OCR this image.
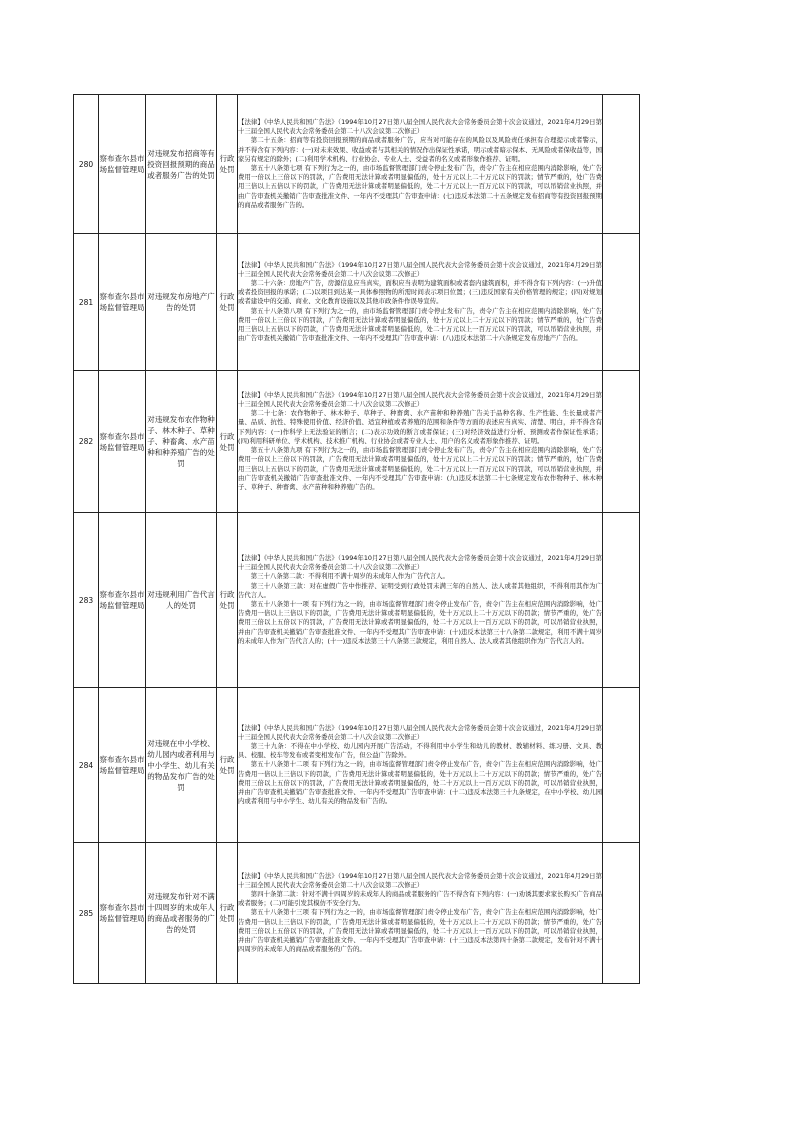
280	察布查尔县市场监督管理局	对违规发布招商等有投资回报预期的商品或者服务广告的处罚	行政处罚	【法律】《中华人民共和国广告法》（1994年10月27日第八届全国人民代表大会常务委员会第十次会议通过，2021年4月29日第十三届全国人民代表大会常务委员会第二十八次会议第二次修正）

第二十五条：招商等有投资回报预期的商品或者服务广告，应当对可能存在的风险以及风险责任承担有合理提示或者警示，并不得含有下列内容：(一)对未来效果、收益或者与其相关的情况作出保证性承诺，明示或者暗示保本、无风险或者保收益等，国家另有规定的除外；(二)利用学术机构、行业协会、专业人士、受益者的名义或者形象作推荐、证明。

第五十八条第七项 有下列行为之一的，由市场监督管理部门责令停止发布广告，责令广告主在相应范围内消除影响，处广告费用一倍以上三倍以下的罚款，广告费用无法计算或者明显偏低的，处十万元以上二十万元以下的罚款；情节严重的，处广告费用三倍以上五倍以下的罚款，广告费用无法计算或者明显偏低的，处二十万元以上一百万元以下的罚款，可以吊销营业执照，并由广告审查机关撤销广告审查批准文件、一年内不受理其广告审查申请：(七)违反本法第二十五条规定发布招商等有投资回报预期的商品或者服务广告的。	

281	察布查尔县市场监督管理局	对违规发布房地产广告的处罚	行政处罚	【法律】《中华人民共和国广告法》（1994年10月27日第八届全国人民代表大会常务委员会第十次会议通过，2021年4月29日第十三届全国人民代表大会常务委员会第二十八次会议第二次修正）

第二十六条：房地产广告，房源信息应当真实，面积应当表明为建筑面积或者套内建筑面积，并不得含有下列内容：(一)升值或者投资回报的承诺；(二)以项目到达某一具体参照物的所需时间表示项目位置；(三)违反国家有关价格管理的规定；(四)对规划或者建设中的交通、商业、文化教育设施以及其他市政条件作误导宣传。

第五十八条第八项 有下列行为之一的，由市场监督管理部门责令停止发布广告，责令广告主在相应范围内消除影响，处广告费用一倍以上三倍以下的罚款，广告费用无法计算或者明显偏低的，处十万元以上二十万元以下的罚款；情节严重的，处广告费用三倍以上五倍以下的罚款，广告费用无法计算或者明显偏低的，处二十万元以上一百万元以下的罚款，可以吊销营业执照，并由广告审查机关撤销广告审查批准文件、一年内不受理其广告审查申请：(八)违反本法第二十六条规定发布房地产广告的。	

282	察布查尔县市场监督管理局	对违规发布农作物种子、林木种子、草种子、种畜禽、水产苗种和种养殖广告的处罚	行政处罚	【法律】《中华人民共和国广告法》（1994年10月27日第八届全国人民代表大会常务委员会第十次会议通过，2021年4月29日第十三届全国人民代表大会常务委员会第二十八次会议第二次修正）

第二十七条：农作物种子、林木种子、草种子、种畜禽、水产苗种和种养殖广告关于品种名称、生产性能、生长量或者产量、品质、抗性、特殊使用价值、经济价值、适宜种植或者养殖的范围和条件等方面的表述应当真实、清楚、明白，并不得含有下列内容：(一)作科学上无法验证的断言；(二)表示功效的断言或者保证；(三)对经济效益进行分析、预测或者作保证性承诺；(四)利用科研单位、学术机构、技术推广机构、行业协会或者专业人士、用户的名义或者形象作推荐、证明。

第五十八条第九项 有下列行为之一的，由市场监督管理部门责令停止发布广告，责令广告主在相应范围内消除影响，处广告费用一倍以上三倍以下的罚款，广告费用无法计算或者明显偏低的，处十万元以上二十万元以下的罚款；情节严重的，处广告费用三倍以上五倍以下的罚款，广告费用无法计算或者明显偏低的，处二十万元以上一百万元以下的罚款，可以吊销营业执照，并由广告审查机关撤销广告审查批准文件、一年内不受理其广告审查申请：(九)违反本法第二十七条规定发布农作物种子、林木种子、草种子、种畜禽、水产苗种和种养殖广告的。	

283	察布查尔县市场监督管理局	对违规利用广告代言人的处罚	行政处罚	【法律】《中华人民共和国广告法》（1994年10月27日第八届全国人民代表大会常务委员会第十次会议通过，2021年4月29日第十三届全国人民代表大会常务委员会第二十八次会议第二次修正）

第三十八条第二款：不得利用不满十周岁的未成年人作为广告代言人。

第三十八条第三款：对在虚假广告中作推荐、证明受到行政处罚未满三年的自然人、法人或者其他组织，不得利用其作为广告代言人。

第五十八条第十一项 有下列行为之一的，由市场监督管理部门责令停止发布广告，责令广告主在相应范围内消除影响，处广告费用一倍以上三倍以下的罚款，广告费用无法计算或者明显偏低的，处十万元以上二十万元以下的罚款；情节严重的，处广告费用三倍以上五倍以下的罚款，广告费用无法计算或者明显偏低的，处二十万元以上一百万元以下的罚款，可以吊销营业执照，并由广告审查机关撤销广告审查批准文件、一年内不受理其广告审查申请：(十)违反本法第三十八条第二款规定，利用不满十周岁的未成年人作为广告代言人的；(十一)违反本法第三十八条第三款规定，利用自然人、法人或者其他组织作为广告代言人的。	

284	察布查尔县市场监督管理局	对违规在中小学校、幼儿园内或者利用与中小学生、幼儿有关的物品发布广告的处罚	行政处罚	【法律】《中华人民共和国广告法》（1994年10月27日第八届全国人民代表大会常务委员会第十次会议通过，2021年4月29日第十三届全国人民代表大会常务委员会第二十八次会议第二次修正）

第三十九条：不得在中小学校、幼儿园内开展广告活动，不得利用中小学生和幼儿的教材、教辅材料、练习册、文具、教具、校服、校车等发布或者变相发布广告，但公益广告除外。

第五十八条第十二项 有下列行为之一的，由市场监督管理部门责令停止发布广告，责令广告主在相应范围内消除影响，处广告费用一倍以上三倍以下的罚款，广告费用无法计算或者明显偏低的，处十万元以上二十万元以下的罚款；情节严重的，处广告费用三倍以上五倍以下的罚款，广告费用无法计算或者明显偏低的，处二十万元以上一百万元以下的罚款，可以吊销营业执照，并由广告审查机关撤销广告审查批准文件、一年内不受理其广告审查申请：(十二)违反本法第三十九条规定，在中小学校、幼儿园内或者利用与中小学生、幼儿有关的物品发布广告的。	

285	察布查尔县市场监督管理局	对违规发布针对不满十四周岁的未成年人的商品或者服务的广告的处罚	行政处罚	【法律】《中华人民共和国广告法》（1994年10月27日第八届全国人民代表大会常务委员会第十次会议通过，2021年4月29日第十三届全国人民代表大会常务委员会第二十八次会议第二次修正）

第四十条第二款：针对不满十四周岁的未成年人的商品或者服务的广告不得含有下列内容：(一)劝诱其要求家长购买广告商品或者服务；(二)可能引发其模仿不安全行为。

第五十八条第十三项 有下列行为之一的，由市场监督管理部门责令停止发布广告，责令广告主在相应范围内消除影响，处广告费用一倍以上三倍以下的罚款，广告费用无法计算或者明显偏低的，处十万元以上二十万元以下的罚款；情节严重的，处广告费用三倍以上五倍以下的罚款，广告费用无法计算或者明显偏低的，处二十万元以上一百万元以下的罚款，可以吊销营业执照，并由广告审查机关撤销广告审查批准文件、一年内不受理其广告审查申请：(十三)违反本法第四十条第二款规定，发布针对不满十四周岁的未成年人的商品或者服务的广告的。	
